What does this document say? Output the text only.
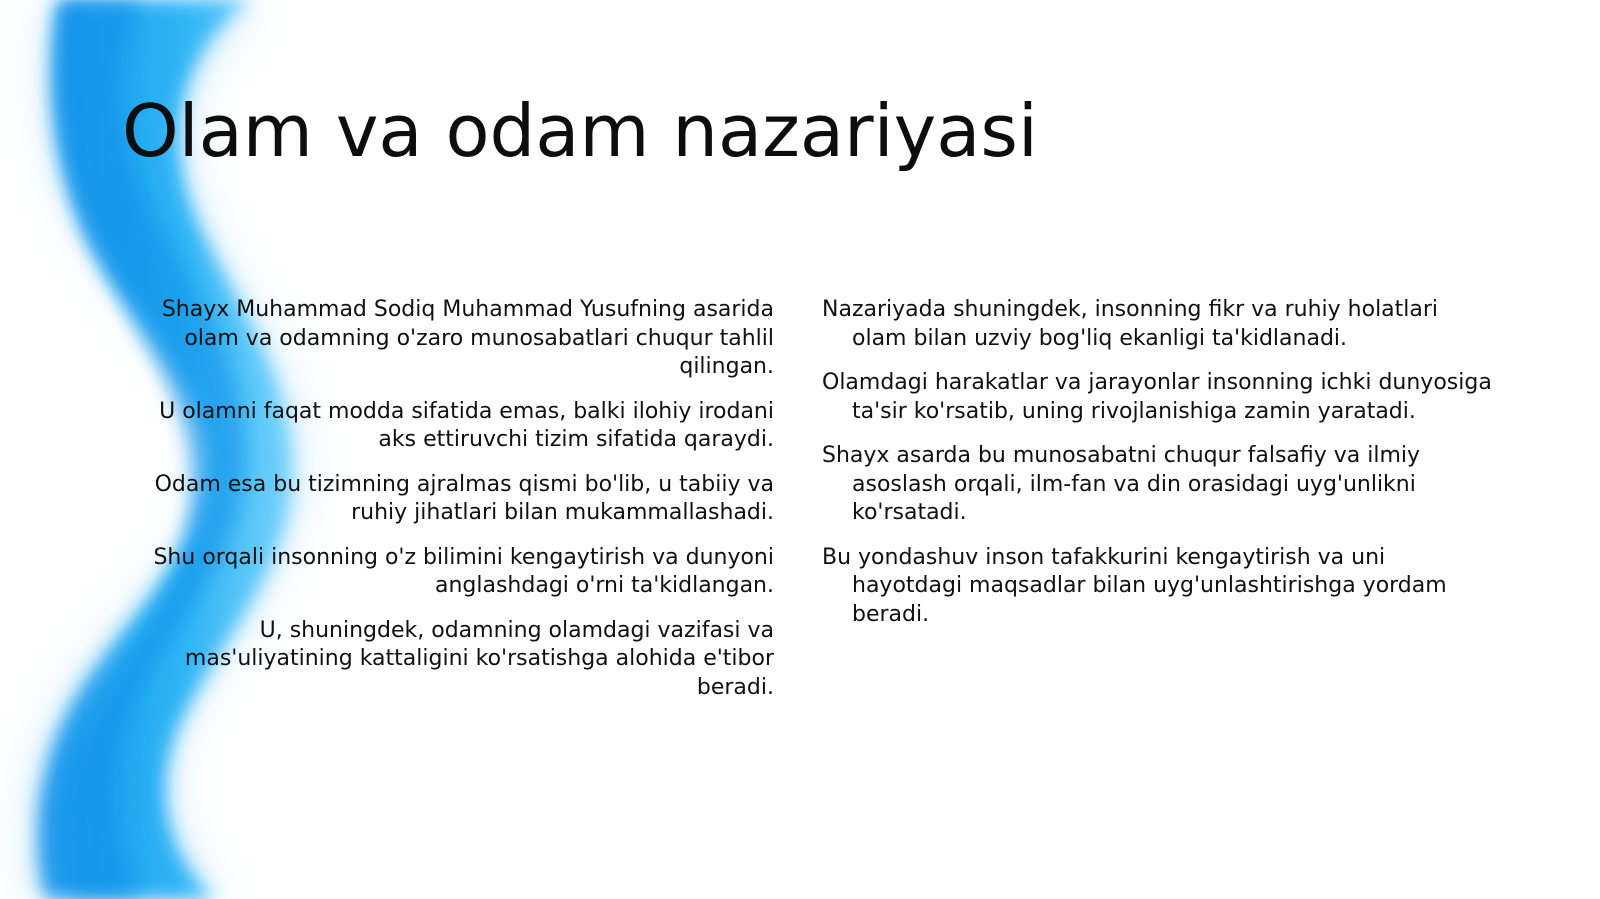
Olam va odam nazariyasi

Shayx Muhammad Sodiq Muhammad Yusufning asarida olam va odamning o'zaro munosabatlari chuqur tahlil qilingan.

U olamni faqat modda sifatida emas, balki ilohiy irodani aks ettiruvchi tizim sifatida qaraydi.

Odam esa bu tizimning ajralmas qismi bo'lib, u tabiiy va ruhiy jihatlari bilan mukammallashadi.

Shu orqali insonning o'z bilimini kengaytirish va dunyoni anglashdagi o'rni ta'kidlangan.

U, shuningdek, odamning olamdagi vazifasi va mas'uliyatining kattaligini ko'rsatishga alohida e'tibor beradi.

Nazariyada shuningdek, insonning fikr va ruhiy holatlari olam bilan uzviy bog'liq ekanligi ta'kidlanadi.

Olamdagi harakatlar va jarayonlar insonning ichki dunyosiga ta'sir ko'rsatib, uning rivojlanishiga zamin yaratadi.

Shayx asarda bu munosabatni chuqur falsafiy va ilmiy asoslash orqali, ilm-fan va din orasidagi uyg'unlikni ko'rsatadi.

Bu yondashuv inson tafakkurini kengaytirish va uni hayotdagi maqsadlar bilan uyg'unlashtirishga yordam beradi.
